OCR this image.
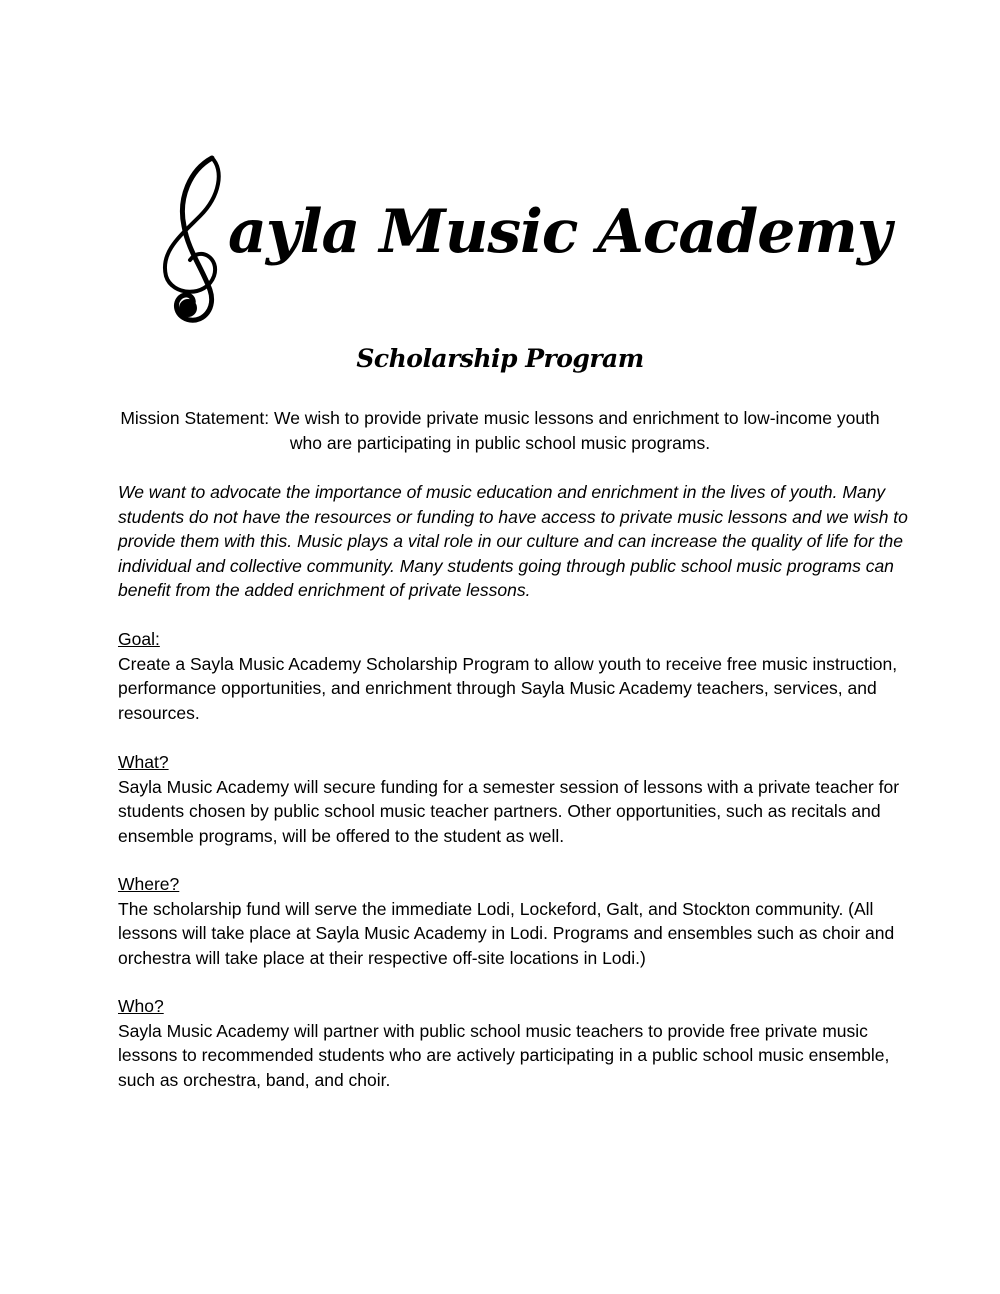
ayla Music Academy
Scholarship Program

Mission Statement: We wish to provide private music lessons and enrichment to low-income youth who are participating in public school music programs.

We want to advocate the importance of music education and enrichment in the lives of youth. Many students do not have the resources or funding to have access to private music lessons and we wish to provide them with this. Music plays a vital role in our culture and can increase the quality of life for the individual and collective community. Many students going through public school music programs can benefit from the added enrichment of private lessons.

Goal:

Create a Sayla Music Academy Scholarship Program to allow youth to receive free music instruction, performance opportunities, and enrichment through Sayla Music Academy teachers, services, and resources.

What?

Sayla Music Academy will secure funding for a semester session of lessons with a private teacher for students chosen by public school music teacher partners. Other opportunities, such as recitals and ensemble programs, will be offered to the student as well.

Where?

The scholarship fund will serve the immediate Lodi, Lockeford, Galt, and Stockton community. (All lessons will take place at Sayla Music Academy in Lodi. Programs and ensembles such as choir and orchestra will take place at their respective off-site locations in Lodi.)

Who?

Sayla Music Academy will partner with public school music teachers to provide free private music lessons to recommended students who are actively participating in a public school music ensemble, such as orchestra, band, and choir.
